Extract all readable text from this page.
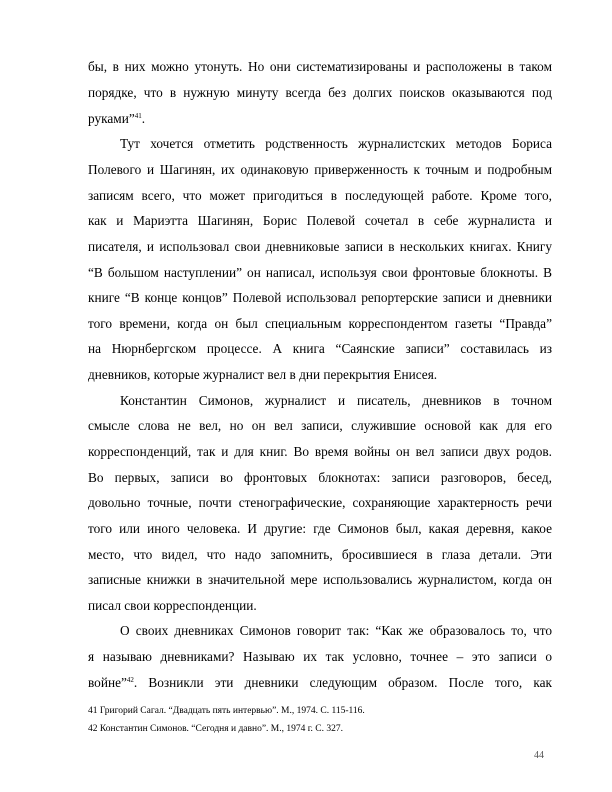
бы, в них можно утонуть. Но они систематизированы и расположены в таком
порядке, что в нужную минуту всегда без долгих поисков оказываются под
руками”$^{41}$.
Тут хочется отметить родственность журналистских методов Бориса
Полевого и Шагинян, их одинаковую приверженность к точным и подробным
записям всего, что может пригодиться в последующей работе. Кроме того,
как и Мариэтта Шагинян, Борис Полевой сочетал в себе журналиста и
писателя, и использовал свои дневниковые записи в нескольких книгах. Книгу
“В большом наступлении” он написал, используя свои фронтовые блокноты. В
книге “В конце концов” Полевой использовал репортерские записи и дневники
того времени, когда он был специальным корреспондентом газеты “Правда”
на Нюрнбергском процессе. А книга “Саянские записи” составилась из
дневников, которые журналист вел в дни перекрытия Енисея.
Константин Симонов, журналист и писатель, дневников в точном
смысле слова не вел, но он вел записи, служившие основой как для его
корреспонденций, так и для книг. Во время войны он вел записи двух родов.
Во первых, записи во фронтовых блокнотах: записи разговоров, бесед,
довольно точные, почти стенографические, сохраняющие характерность речи
того или иного человека. И другие: где Симонов был, какая деревня, какое
место, что видел, что надо запомнить, бросившиеся в глаза детали. Эти
записные книжки в значительной мере использовались журналистом, когда он
писал свои корреспонденции.
О своих дневниках Симонов говорит так: “Как же образовалось то, что
я называю дневниками? Называю их так условно, точнее – это записи о
войне”$^{42}$. Возникли эти дневники следующим образом. После того, как
41 Григорий Сагал. “Двадцать пять интервью”. М., 1974. С. 115-116.
42 Константин Симонов. “Сегодня и давно”. М., 1974 г. С. 327.
44
